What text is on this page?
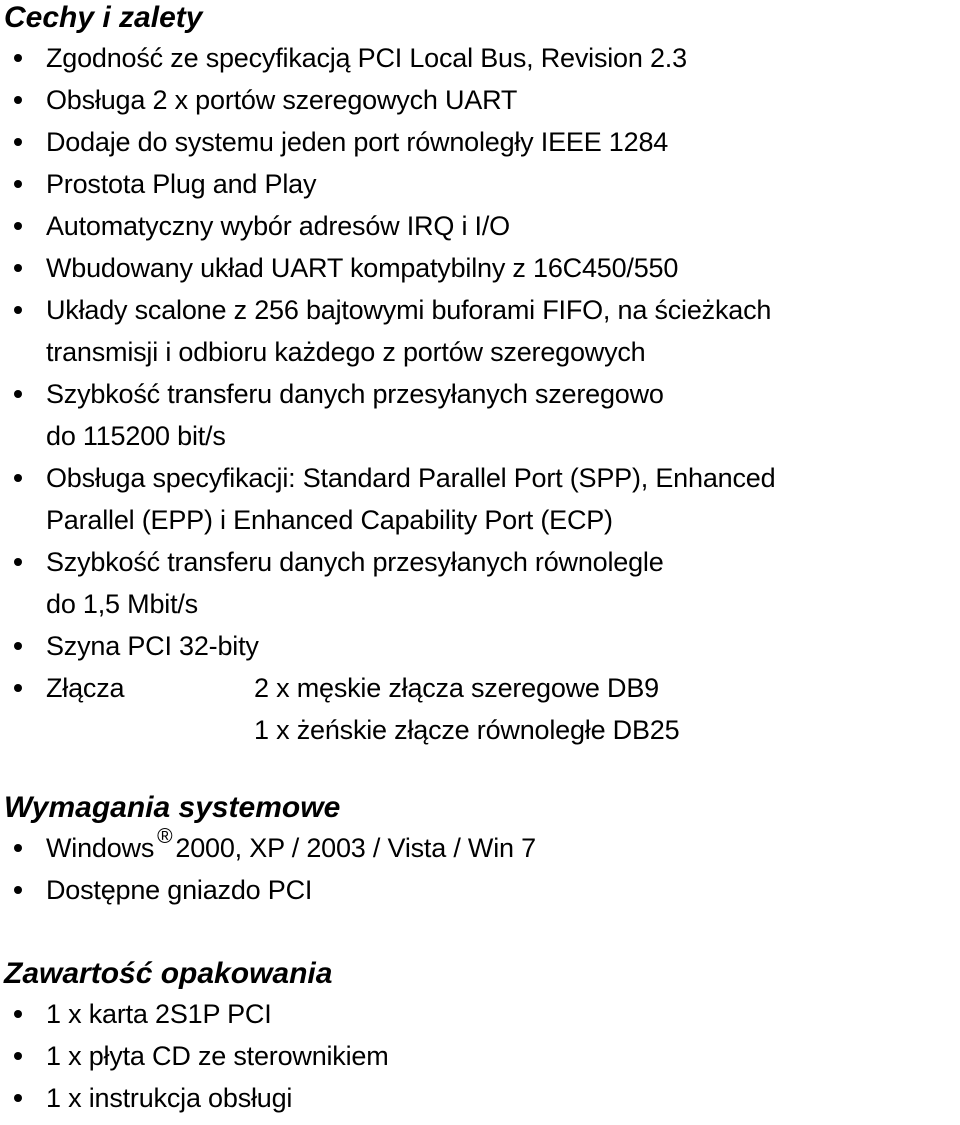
Cechy i zalety
Zgodność ze specyfikacją PCI Local Bus, Revision 2.3
Obsługa 2 x portów szeregowych UART
Dodaje do systemu jeden port równoległy IEEE 1284
Prostota Plug and Play
Automatyczny wybór adresów IRQ i I/O
Wbudowany układ UART kompatybilny z 16C450/550
Układy scalone z 256 bajtowymi buforami FIFO, na ścieżkach
transmisji i odbioru każdego z portów szeregowych
Szybkość transferu danych przesyłanych szeregowo
do 115200 bit/s
Obsługa specyfikacji: Standard Parallel Port (SPP), Enhanced
Parallel (EPP) i Enhanced Capability Port (ECP)
Szybkość transferu danych przesyłanych równolegle
do 1,5 Mbit/s
Szyna PCI 32-bity
Złącza	2 x męskie złącza szeregowe DB9
1 x żeńskie złącze równoległe DB25
Wymagania systemowe
Windows ® 2000, XP / 2003 / Vista / Win 7
Dostępne gniazdo PCI
Zawartość opakowania
1 x karta 2S1P PCI
1 x płyta CD ze sterownikiem
1 x instrukcja obsługi
